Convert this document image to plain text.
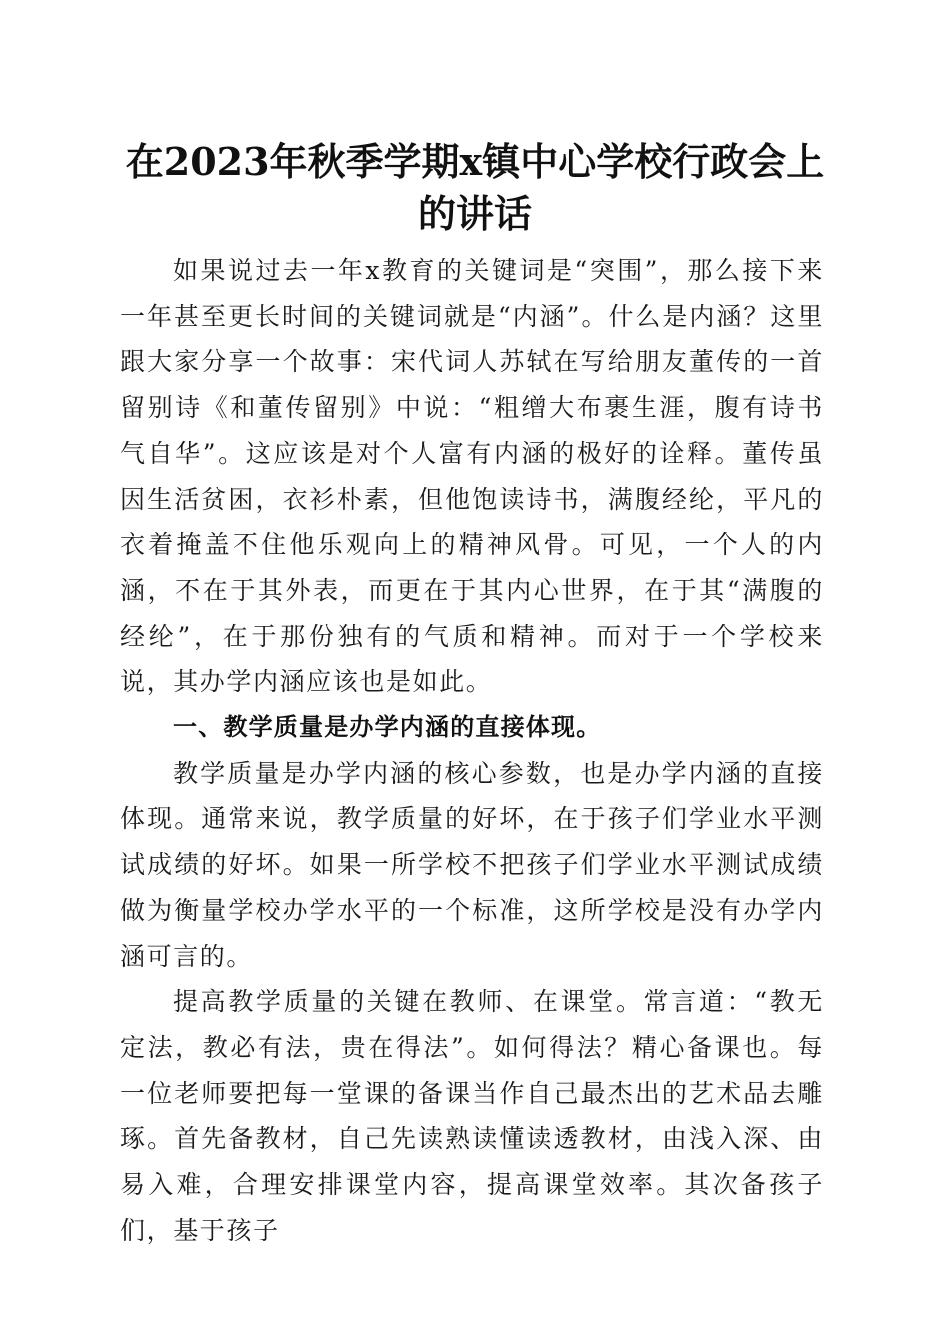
在2023年秋季学期x镇中心学校行政会上的讲话

如果说过去一年x教育的关键词是“突围”，那么接下来一年甚至更长时间的关键词就是“内涵”。什么是内涵？这里跟大家分享一个故事：宋代词人苏轼在写给朋友董传的一首留别诗《和董传留别》中说：“粗缯大布裹生涯，腹有诗书气自华”。这应该是对个人富有内涵的极好的诠释。董传虽因生活贫困，衣衫朴素，但他饱读诗书，满腹经纶，平凡的衣着掩盖不住他乐观向上的精神风骨。可见，一个人的内涵，不在于其外表，而更在于其内心世界，在于其“满腹的经纶”，在于那份独有的气质和精神。而对于一个学校来说，其办学内涵应该也是如此。

一、教学质量是办学内涵的直接体现。

教学质量是办学内涵的核心参数，也是办学内涵的直接体现。通常来说，教学质量的好坏，在于孩子们学业水平测试成绩的好坏。如果一所学校不把孩子们学业水平测试成绩做为衡量学校办学水平的一个标准，这所学校是没有办学内涵可言的。

提高教学质量的关键在教师、在课堂。常言道：“教无定法，教必有法，贵在得法”。如何得法？精心备课也。每一位老师要把每一堂课的备课当作自己最杰出的艺术品去雕琢。首先备教材，自己先读熟读懂读透教材，由浅入深、由易入难，合理安排课堂内容，提高课堂效率。其次备孩子们，基于孩子
